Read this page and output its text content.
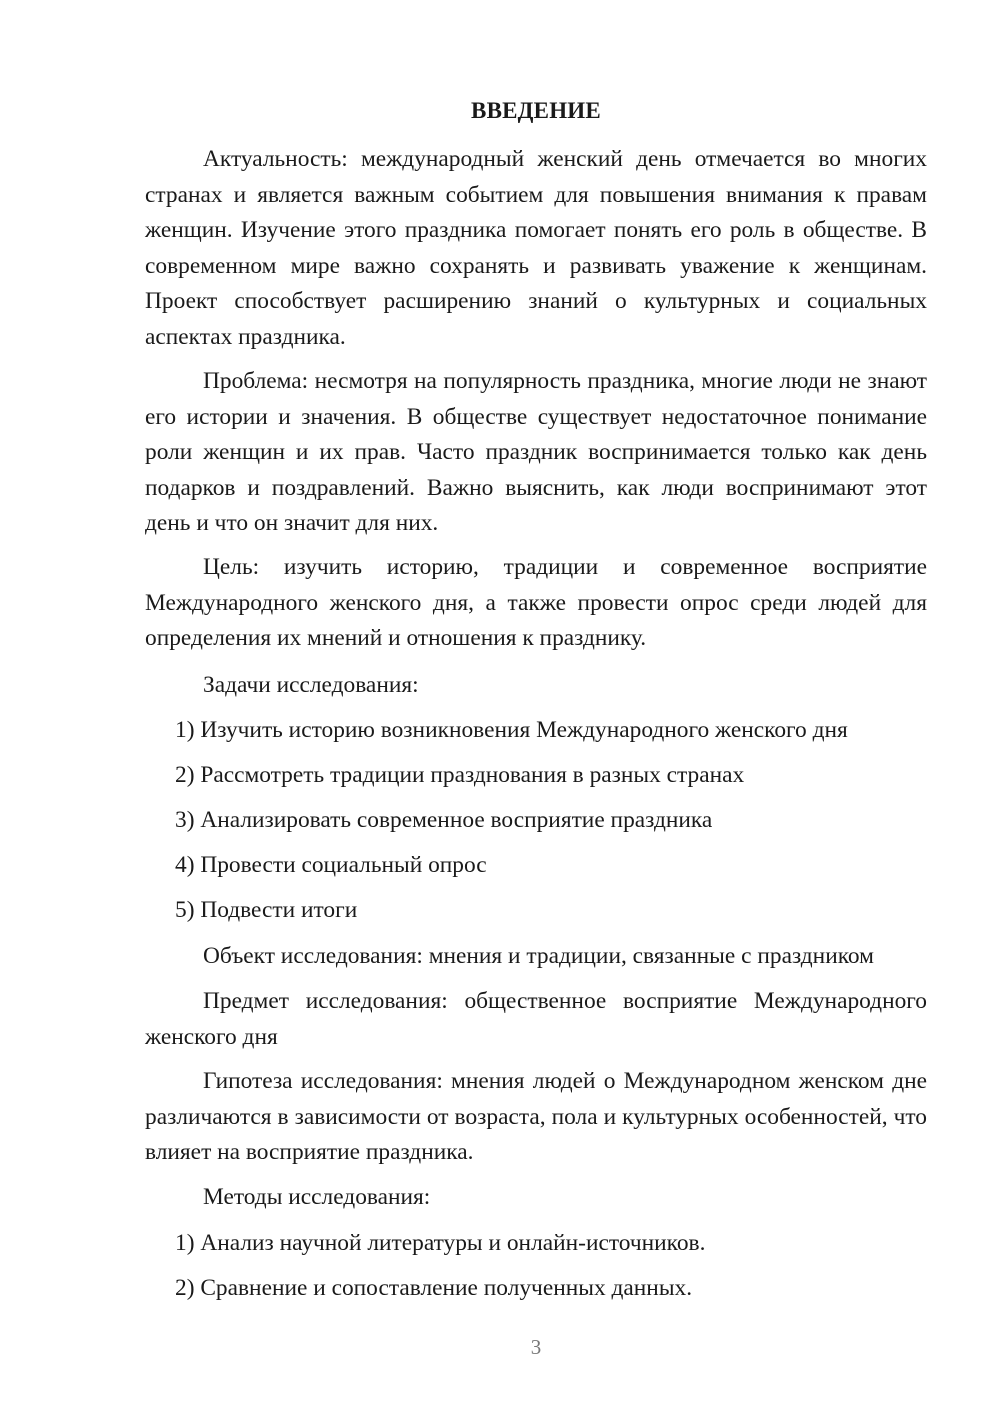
ВВЕДЕНИЕ

Актуальность: международный женский день отмечается во многих странах и является важным событием для повышения внимания к правам женщин. Изучение этого праздника помогает понять его роль в обществе. В современном мире важно сохранять и развивать уважение к женщинам. Проект способствует расширению знаний о культурных и социальных аспектах праздника.

Проблема: несмотря на популярность праздника, многие люди не знают его истории и значения. В обществе существует недостаточное понимание роли женщин и их прав. Часто праздник воспринимается только как день подарков и поздравлений. Важно выяснить, как люди воспринимают этот день и что он значит для них.

Цель: изучить историю, традиции и современное восприятие Международного женского дня, а также провести опрос среди людей для определения их мнений и отношения к празднику.

Задачи исследования:

1) Изучить историю возникновения Международного женского дня

2) Рассмотреть традиции празднования в разных странах

3) Анализировать современное восприятие праздника

4) Провести социальный опрос

5) Подвести итоги

Объект исследования: мнения и традиции, связанные с праздником

Предмет исследования: общественное восприятие Международного женского дня

Гипотеза исследования: мнения людей о Международном женском дне различаются в зависимости от возраста, пола и культурных особенностей, что влияет на восприятие праздника.

Методы исследования:

1) Анализ научной литературы и онлайн-источников.

2) Сравнение и сопоставление полученных данных.

3
